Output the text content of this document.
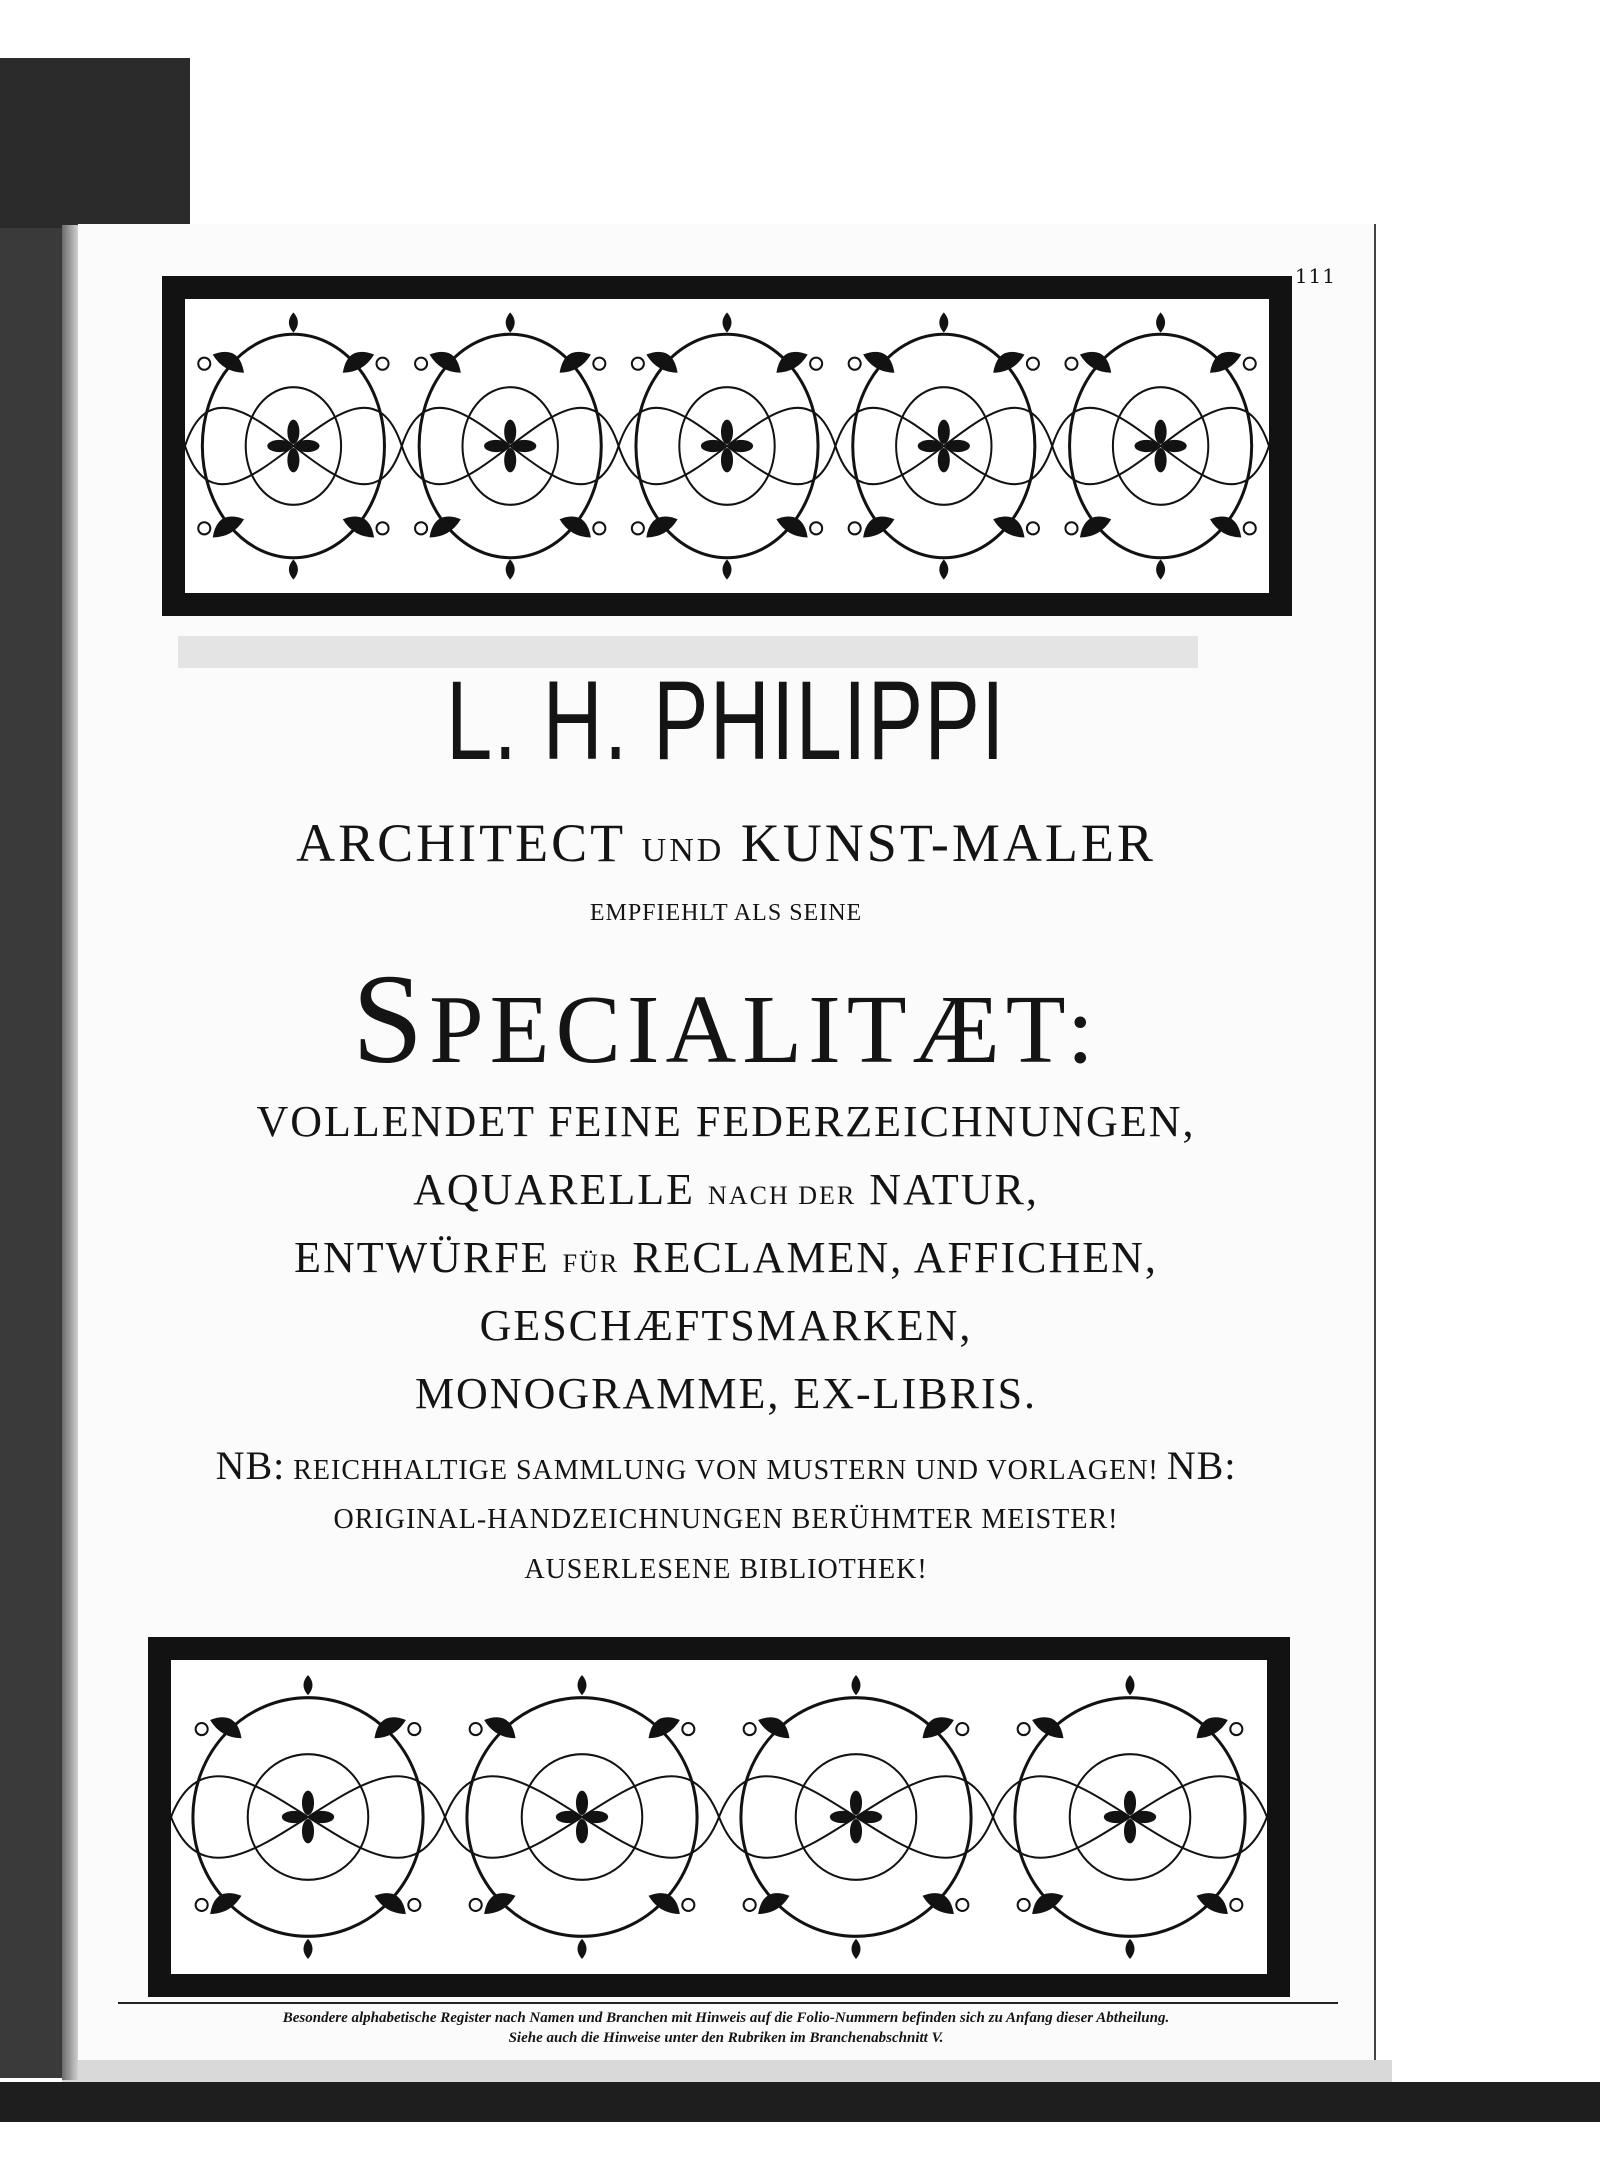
111
L. H. PHILIPPI
ARCHITECT UND KUNST-MALER
EMPFIEHLT ALS SEINE
SPECIALITÆT:
VOLLENDET FEINE FEDERZEICHNUNGEN,
AQUARELLE NACH DER NATUR,
ENTWÜRFE FÜR RECLAMEN, AFFICHEN,
GESCHÆFTSMARKEN,
MONOGRAMME, EX-LIBRIS.
NB: REICHHALTIGE SAMMLUNG VON MUSTERN UND VORLAGEN! NB:
ORIGINAL-HANDZEICHNUNGEN BERÜHMTER MEISTER!
AUSERLESENE BIBLIOTHEK!
Besondere alphabetische Register nach Namen und Branchen mit Hinweis auf die Folio-Nummern befinden sich zu Anfang dieser Abtheilung.
Siehe auch die Hinweise unter den Rubriken im Branchenabschnitt V.
